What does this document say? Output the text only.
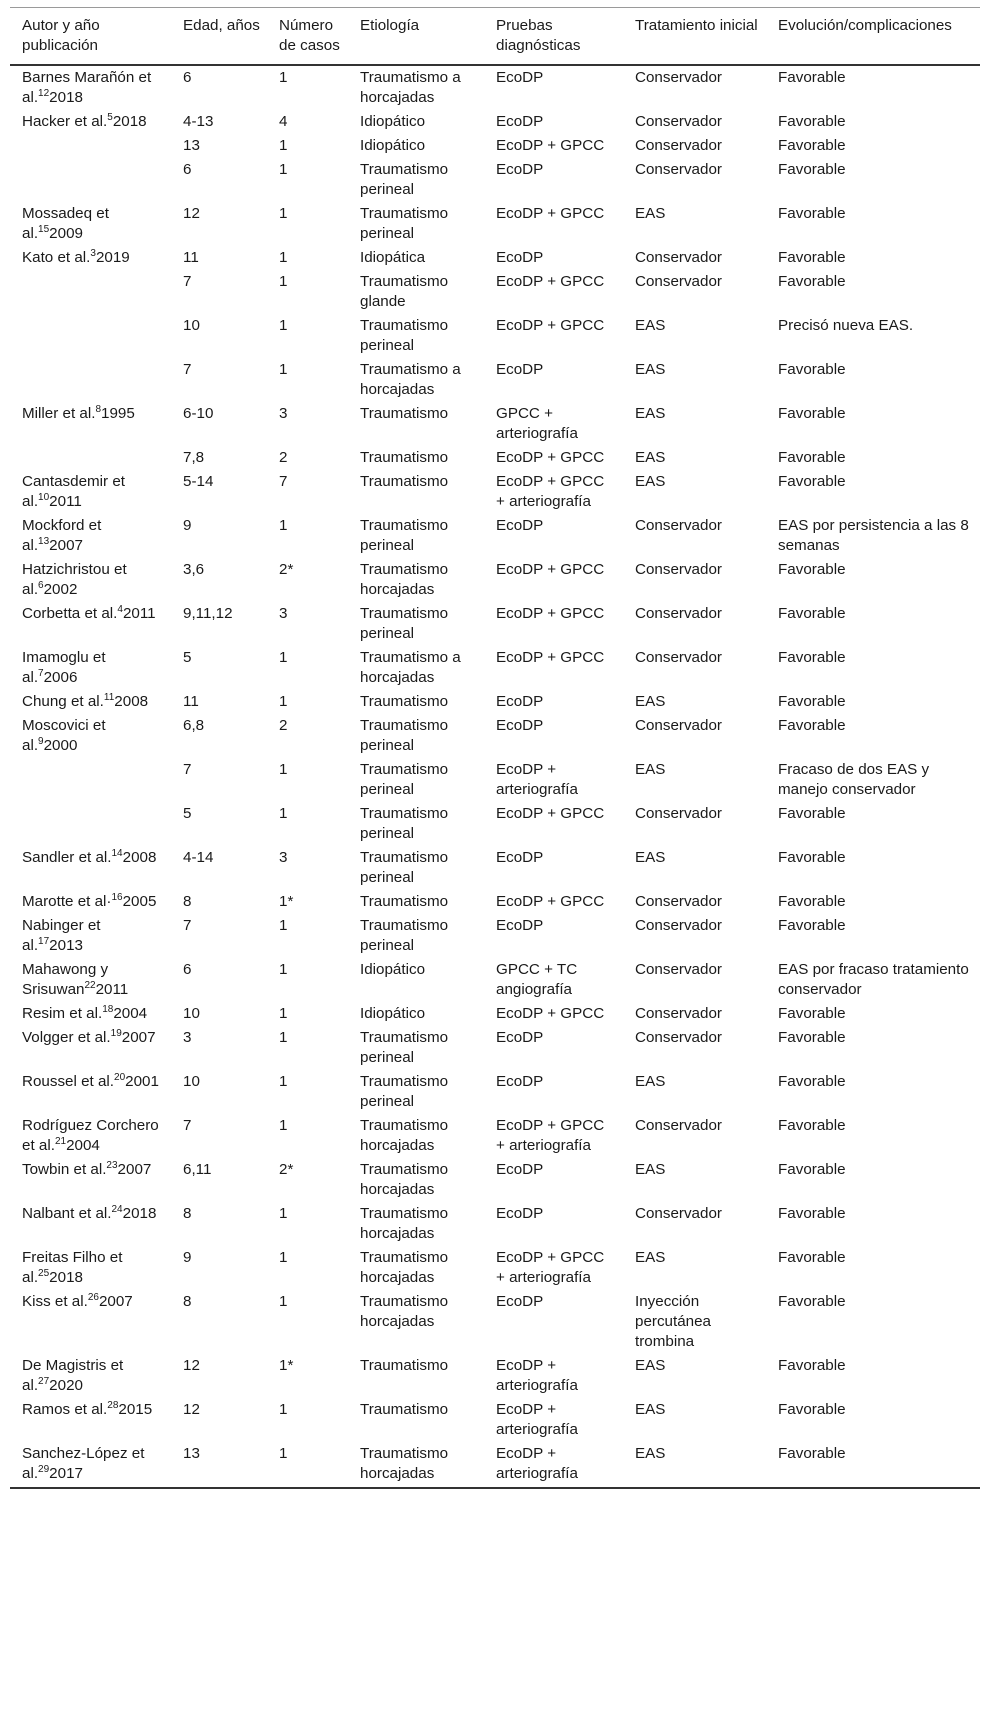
Autor y año publicación	Edad, años	Número de casos	Etiología	Pruebas diagnósticas	Tratamiento inicial	Evolución/complicaciones
Barnes Marañón et al.$^{12}$2018	6	1	Traumatismo a horcajadas	EcoDP	Conservador	Favorable
Hacker et al.$^5$2018	4-13	4	Idiopático	EcoDP	Conservador	Favorable
	13	1	Idiopático	EcoDP + GPCC	Conservador	Favorable
	6	1	Traumatismo perineal	EcoDP	Conservador	Favorable
Mossadeq et al.$^{15}$2009	12	1	Traumatismo perineal	EcoDP + GPCC	EAS	Favorable
Kato et al.$^3$2019	11	1	Idiopática	EcoDP	Conservador	Favorable
	7	1	Traumatismo glande	EcoDP + GPCC	Conservador	Favorable
	10	1	Traumatismo perineal	EcoDP + GPCC	EAS	Precisó nueva EAS.
	7	1	Traumatismo a horcajadas	EcoDP	EAS	Favorable
Miller et al.$^8$1995	6-10	3	Traumatismo	GPCC + arteriografía	EAS	Favorable
	7,8	2	Traumatismo	EcoDP + GPCC	EAS	Favorable
Cantasdemir et al.$^{10}$2011	5-14	7	Traumatismo	EcoDP + GPCC + arteriografía	EAS	Favorable
Mockford et al.$^{13}$2007	9	1	Traumatismo perineal	EcoDP	Conservador	EAS por persistencia a las 8 semanas
Hatzichristou et al.$^6$2002	3,6	2*	Traumatismo horcajadas	EcoDP + GPCC	Conservador	Favorable
Corbetta et al.$^4$2011	9,11,12	3	Traumatismo perineal	EcoDP + GPCC	Conservador	Favorable
Imamoglu et al.$^7$2006	5	1	Traumatismo a horcajadas	EcoDP + GPCC	Conservador	Favorable
Chung et al.$^{11}$2008	11	1	Traumatismo	EcoDP	EAS	Favorable
Moscovici et al.$^9$2000	6,8	2	Traumatismo perineal	EcoDP	Conservador	Favorable
	7	1	Traumatismo perineal	EcoDP + arteriografía	EAS	Fracaso de dos EAS y manejo conservador
	5	1	Traumatismo perineal	EcoDP + GPCC	Conservador	Favorable
Sandler et al.$^{14}$2008	4-14	3	Traumatismo perineal	EcoDP	EAS	Favorable
Marotte et al·$^{16}$2005	8	1*	Traumatismo	EcoDP + GPCC	Conservador	Favorable
Nabinger et al.$^{17}$2013	7	1	Traumatismo perineal	EcoDP	Conservador	Favorable
Mahawong y Srisuwan$^{22}$2011	6	1	Idiopático	GPCC + TC angiografía	Conservador	EAS por fracaso tratamiento conservador
Resim et al.$^{18}$2004	10	1	Idiopático	EcoDP + GPCC	Conservador	Favorable
Volgger et al.$^{19}$2007	3	1	Traumatismo perineal	EcoDP	Conservador	Favorable
Roussel et al.$^{20}$2001	10	1	Traumatismo perineal	EcoDP	EAS	Favorable
Rodríguez Corchero et al.$^{21}$2004	7	1	Traumatismo horcajadas	EcoDP + GPCC + arteriografía	Conservador	Favorable
Towbin et al.$^{23}$2007	6,11	2*	Traumatismo horcajadas	EcoDP	EAS	Favorable
Nalbant et al.$^{24}$2018	8	1	Traumatismo horcajadas	EcoDP	Conservador	Favorable
Freitas Filho et al.$^{25}$2018	9	1	Traumatismo horcajadas	EcoDP + GPCC + arteriografía	EAS	Favorable
Kiss et al.$^{26}$2007	8	1	Traumatismo horcajadas	EcoDP	Inyección percutánea trombina	Favorable
De Magistris et al.$^{27}$2020	12	1*	Traumatismo	EcoDP + arteriografía	EAS	Favorable
Ramos et al.$^{28}$2015	12	1	Traumatismo	EcoDP + arteriografía	EAS	Favorable
Sanchez-López et al.$^{29}$2017	13	1	Traumatismo horcajadas	EcoDP + arteriografía	EAS	Favorable
